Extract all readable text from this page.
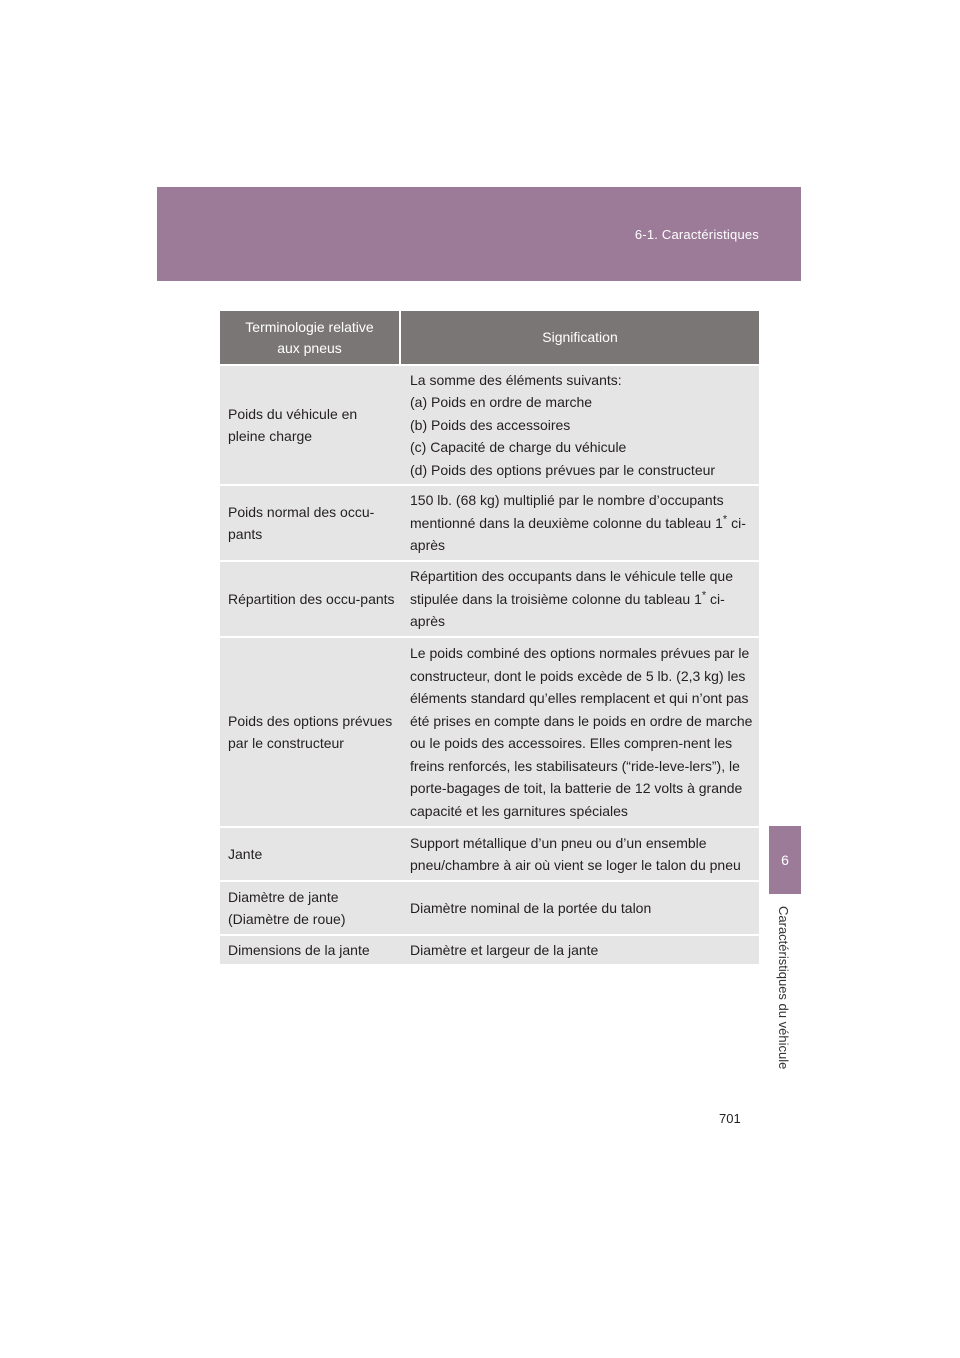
6-1. Caractéristiques
6
Caractéristiques du véhicule
Terminologie relative
aux pneus	Signification

Poids du véhicule en pleine charge	La somme des éléments suivants:
(a) Poids en ordre de marche
(b) Poids des accessoires
(c) Capacité de charge du véhicule
(d) Poids des options prévues par le constructeur

Poids normal des occu-pants	150 lb. (68 kg) multiplié par le nombre d’occupants mentionné dans la deuxième colonne du tableau 1* ci-après
Répartition des occu-pants	Répartition des occupants dans le véhicule telle que stipulée dans la troisième colonne du tableau 1* ci-après
Poids des options prévues par le constructeur	Le poids combiné des options normales prévues par le constructeur, dont le poids excède de 5 lb. (2,3 kg) les éléments standard qu’elles remplacent et qui n’ont pas été prises en compte dans le poids en ordre de marche ou le poids des accessoires. Elles compren-nent les freins renforcés, les stabilisateurs (“ride-leve-lers”), le porte-bagages de toit, la batterie de 12 volts à grande capacité et les garnitures spéciales
Jante	Support métallique d’un pneu ou d’un ensemble pneu/chambre à air où vient se loger le talon du pneu
Diamètre de jante (Diamètre de roue)	Diamètre nominal de la portée du talon
Dimensions de la jante	Diamètre et largeur de la jante
701
